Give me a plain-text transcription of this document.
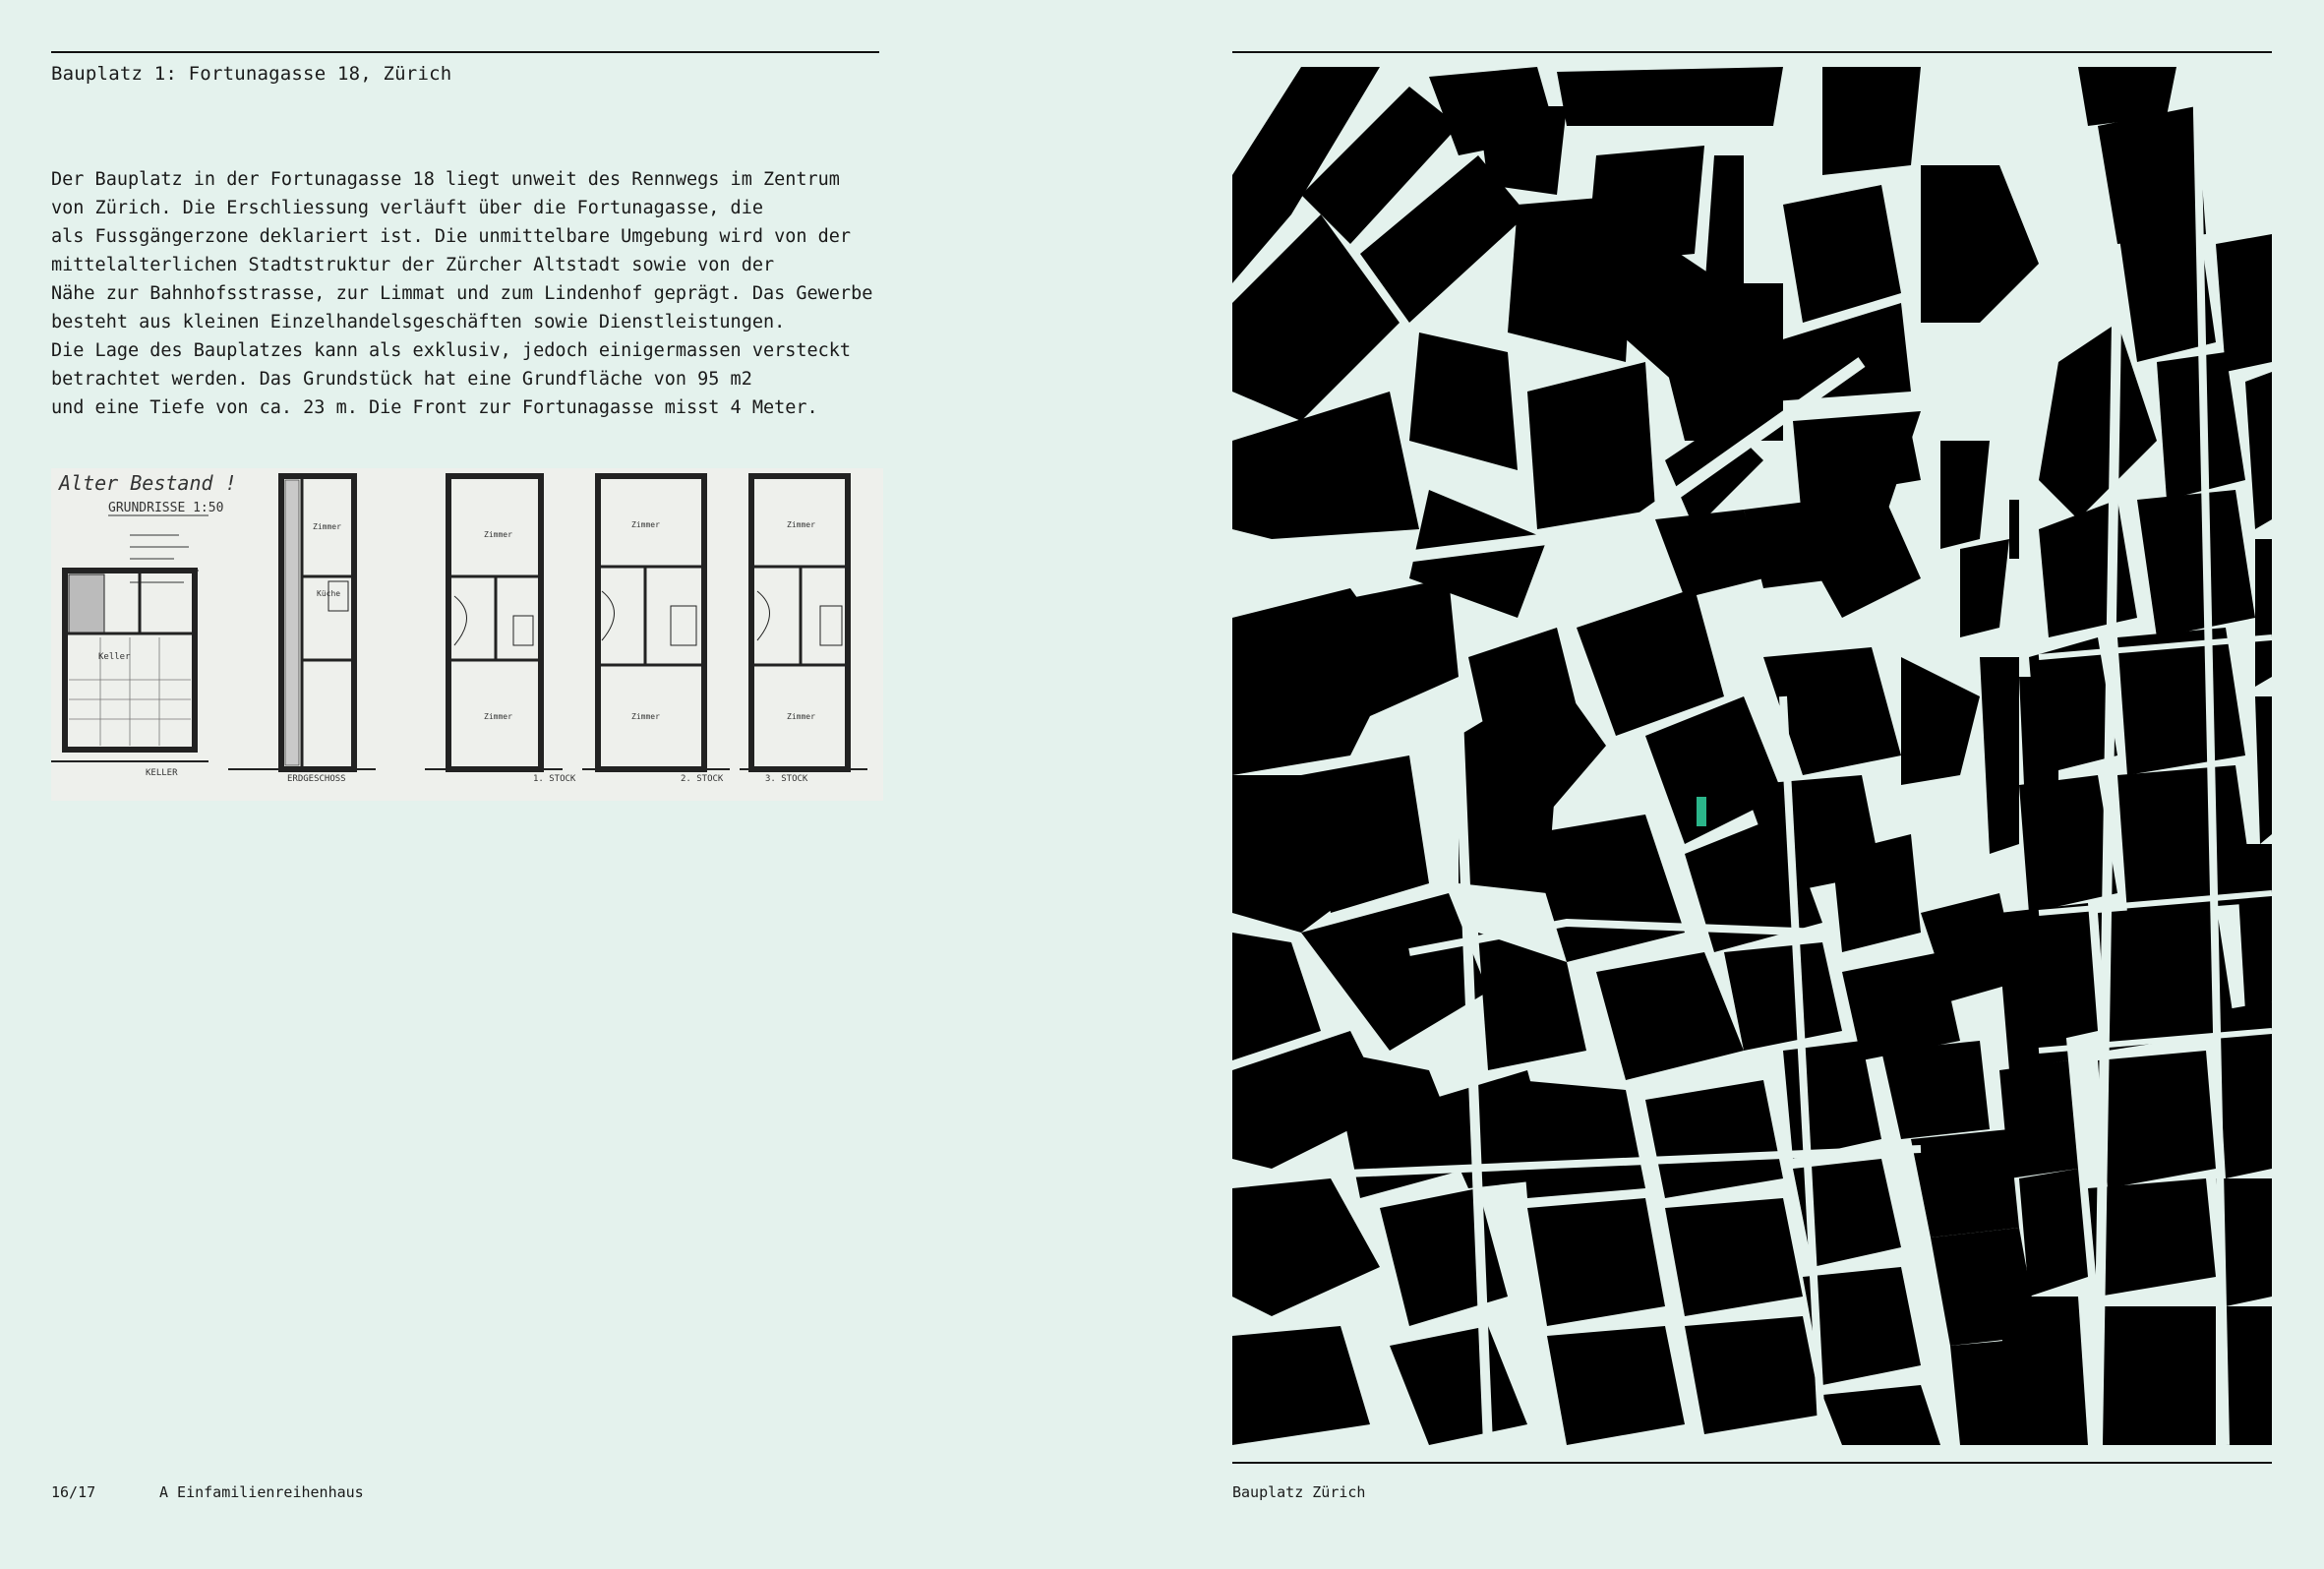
Bauplatz 1: Fortunagasse 18, Zürich

Der Bauplatz in der Fortunagasse 18 liegt unweit des Rennwegs im Zentrum

von Zürich. Die Erschliessung verläuft über die Fortunagasse, die

als Fussgängerzone deklariert ist. Die unmittelbare Umgebung wird von der

mittelalterlichen Stadtstruktur der Zürcher Altstadt sowie von der

Nähe zur Bahnhofsstrasse, zur Limmat und zum Lindenhof geprägt. Das Gewerbe

besteht aus kleinen Einzelhandelsgeschäften sowie Dienstleistungen.

Die Lage des Bauplatzes kann als exklusiv, jedoch einigermassen versteckt

betrachtet werden. Das Grundstück hat eine Grundfläche von 95 m2

und eine Tiefe von ca. 23 m. Die Front zur Fortunagasse misst 4 Meter.

Alter Bestand !
GRUNDRISSE 1:50
Keller
KELLER
Zimmer
Küche
ERDGESCHOSS
Zimmer
Zimmer
1. STOCK
Zimmer
Zimmer
2. STOCK
Zimmer
Zimmer
3. STOCK
16/17	A Einfamilienreihenhaus	Bauplatz Zürich
